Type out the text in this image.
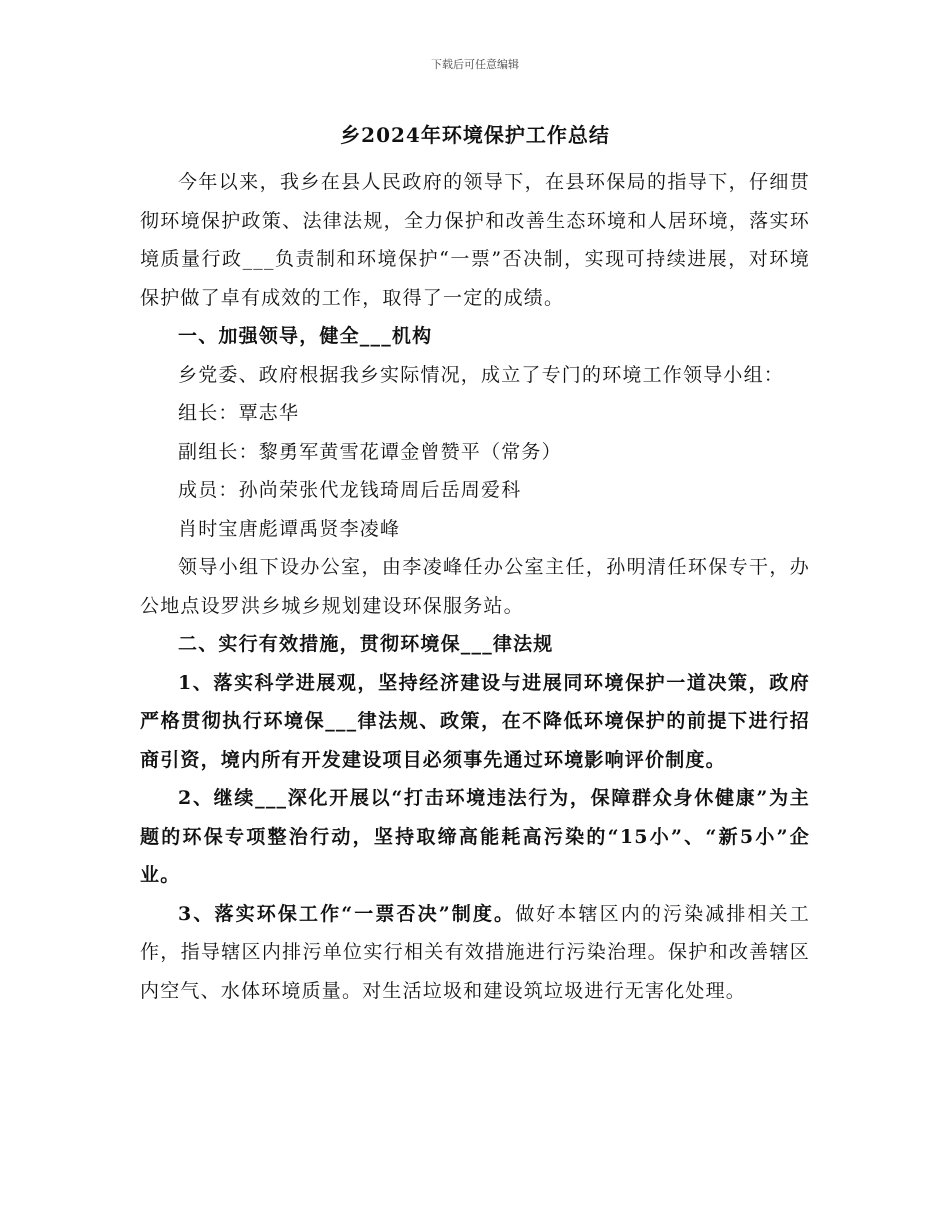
下载后可任意编辑
乡2024年环境保护工作总结

今年以来，我乡在县人民政府的领导下，在县环保局的指导下，仔细贯彻环境保护政策、法律法规，全力保护和改善生态环境和人居环境，落实环境质量行政___负责制和环境保护“一票”否决制，实现可持续进展，对环境保护做了卓有成效的工作，取得了一定的成绩。

一、加强领导，健全___机构

乡党委、政府根据我乡实际情况，成立了专门的环境工作领导小组：

组长：覃志华

副组长：黎勇军黄雪花谭金曾赞平（常务）

成员：孙尚荣张代龙钱琦周后岳周爱科

肖时宝唐彪谭禹贤李凌峰

领导小组下设办公室，由李凌峰任办公室主任，孙明清任环保专干，办公地点设罗洪乡城乡规划建设环保服务站。

二、实行有效措施，贯彻环境保___律法规

1、落实科学进展观，坚持经济建设与进展同环境保护一道决策，政府严格贯彻执行环境保___律法规、政策，在不降低环境保护的前提下进行招商引资，境内所有开发建设项目必须事先通过环境影响评价制度。

2、继续___深化开展以“打击环境违法行为，保障群众身休健康”为主题的环保专项整治行动，坚持取缔高能耗高污染的“15小”、“新5小”企业。

3、落实环保工作“一票否决”制度。做好本辖区内的污染减排相关工作，指导辖区内排污单位实行相关有效措施进行污染治理。保护和改善辖区内空气、水体环境质量。对生活垃圾和建设筑垃圾进行无害化处理。
